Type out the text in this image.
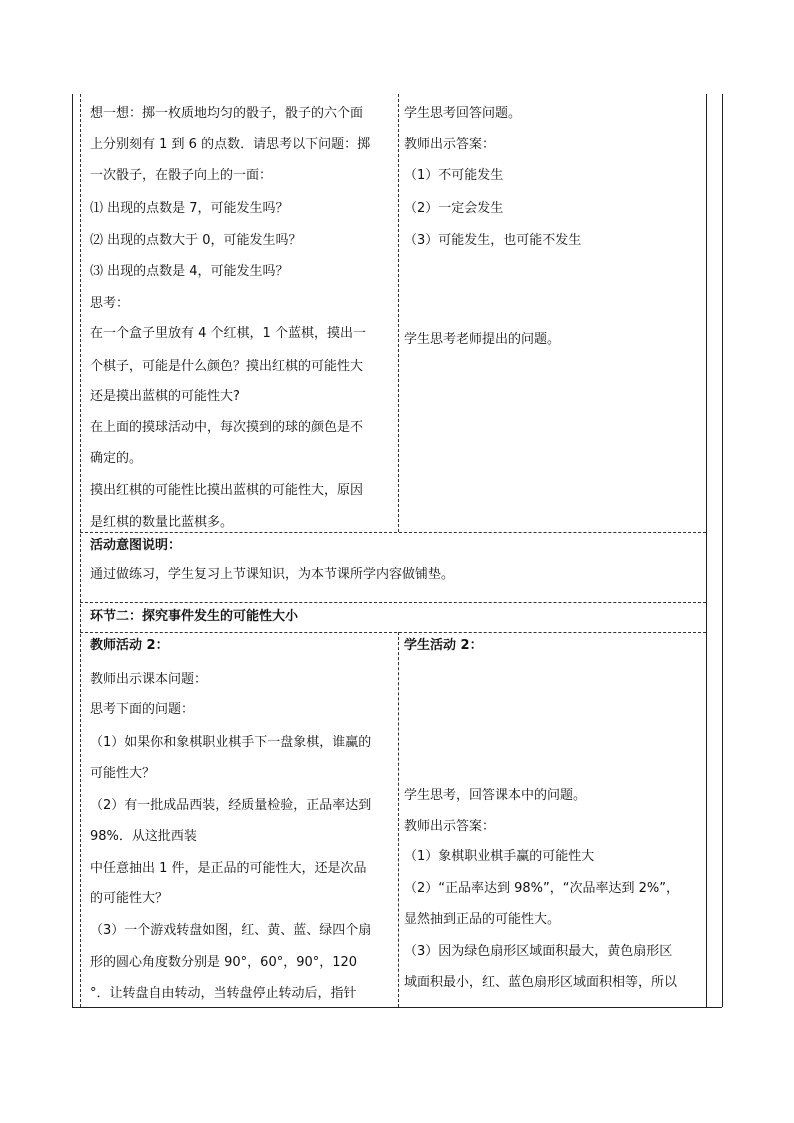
想一想：掷一枚质地均匀的骰子，骰子的六个面
上分别刻有 1 到 6 的点数．请思考以下问题：掷
一次骰子，在骰子向上的一面：
⑴ 出现的点数是 7，可能发生吗？
⑵ 出现的点数大于 0，可能发生吗？
⑶ 出现的点数是 4，可能发生吗？
思考：
在一个盒子里放有 4 个红棋，1 个蓝棋，摸出一
个棋子，可能是什么颜色？摸出红棋的可能性大
还是摸出蓝棋的可能性大?
在上面的摸球活动中，每次摸到的球的颜色是不
确定的。
摸出红棋的可能性比摸出蓝棋的可能性大，原因
是红棋的数量比蓝棋多。
学生思考回答问题。
教师出示答案：
（1）不可能发生
（2）一定会发生
（3）可能发生，也可能不发生
学生思考老师提出的问题。
活动意图说明：
通过做练习，学生复习上节课知识，为本节课所学内容做铺垫。
环节二：探究事件发生的可能性大小
教师活动 2：
教师出示课本问题：
思考下面的问题：
（1）如果你和象棋职业棋手下一盘象棋，谁赢的
可能性大？
（2）有一批成品西装，经质量检验，正品率达到
98%．从这批西装
中任意抽出 1 件，是正品的可能性大，还是次品
的可能性大？
（3）一个游戏转盘如图，红、黄、蓝、绿四个扇
形的圆心角度数分别是 90°，60°，90°，120
°．让转盘自由转动，当转盘停止转动后，指针
学生活动 2：
学生思考，回答课本中的问题。
教师出示答案：
（1）象棋职业棋手赢的可能性大
（2）“正品率达到 98%”，“次品率达到 2%”，
显然抽到正品的可能性大。
（3）因为绿色扇形区域面积最大，黄色扇形区
域面积最小，红、蓝色扇形区域面积相等，所以
